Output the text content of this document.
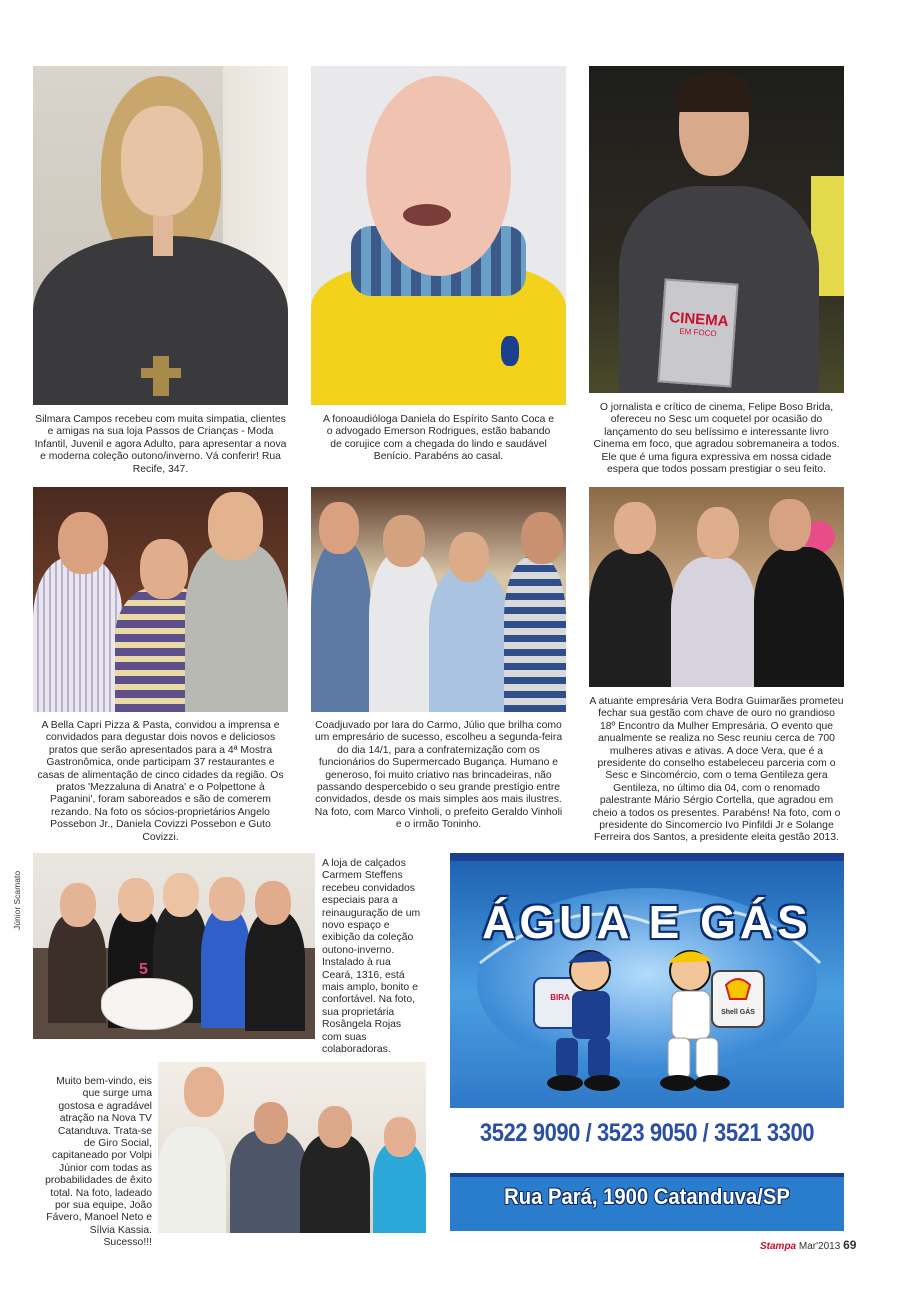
CINEMA
EM FOCO

Silmara Campos recebeu com muita simpatia, clientes e amigas na sua loja Passos de Crianças - Moda Infantil, Juvenil e agora Adulto, para apresentar a nova e moderna coleção outono/inverno. Vá conferir! Rua Recife, 347.

A fonoaudióloga Daniela do Espírito Santo Coca e o advogado Emerson Rodrigues, estão babando de corujice com a chegada do lindo e saudável Benício. Parabéns ao casal.

O jornalista e crítico de cinema, Felipe Boso Brida, ofereceu no Sesc um coquetel por ocasião do lançamento do seu belíssimo e interessante livro Cinema em foco, que agradou sobremaneira a todos. Ele que é uma figura expressiva em nossa cidade espera que todos possam prestigiar o seu feito.

A Bella Capri Pizza & Pasta, convidou a imprensa e convidados para degustar dois novos e deliciosos pratos que serão apresentados para a 4ª Mostra Gastronômica, onde participam 37 restaurantes e casas de alimentação de cinco cidades da região. Os pratos 'Mezzaluna di Anatra' e o Polpettone à Paganini', foram saboreados e são de comerem rezando. Na foto os sócios-proprietários Angelo Possebon Jr., Daniela Covizzi Possebon e Guto Covizzi.

Coadjuvado por Iara do Carmo, Júlio que brilha como um empresário de sucesso, escolheu a segunda-feira do dia 14/1, para a confraternização com os funcionários do Supermercado Bugança. Humano e generoso, foi muito criativo nas brincadeiras, não passando despercebido o seu grande prestígio entre convidados, desde os mais simples aos mais ilustres. Na foto, com Marco Vinholi, o prefeito Geraldo Vinholi e o irmão Toninho.

A atuante empresária Vera Bodra Guimarães prometeu fechar sua gestão com chave de ouro no grandioso 18º Encontro da Mulher Empresária. O evento que anualmente se realiza no Sesc reuniu cerca de 700 mulheres ativas e ativas. A doce Vera, que é a presidente do conselho estabeleceu parceria com o Sesc e Sincomércio, com o tema Gentileza gera Gentileza, no último dia 04, com o renomado palestrante Mário Sérgio Cortella, que agradou em cheio a todos os presentes. Parabéns! Na foto, com o presidente do Sincomercio Ivo Pinfildi Jr e Solange Ferreira dos Santos, a presidente eleita gestão 2013.

Júnior Scamato
5

A loja de calçados Carmem Steffens recebeu convidados especiais para a reinauguração de um novo espaço e exibição da coleção outono-inverno. Instalado à rua Ceará, 1316, está mais amplo, bonito e confortável. Na foto, sua proprietária Rosângela Rojas com suas colaboradoras.

Muito bem-vindo, eis que surge uma gostosa e agradável atração na Nova TV Catanduva. Trata-se de Giro Social, capitaneado por Volpi Júnior com todas as probabilidades de êxito total. Na foto, ladeado por sua equipe, João Fávero, Manoel Neto e Sílvia Kassia. Sucesso!!!

ÁGUA E GÁS
BIRA
Shell GÁS
3522 9090 / 3523 9050 / 3521 3300
Rua Pará, 1900 Catanduva/SP
Stampa Mar'2013 69
